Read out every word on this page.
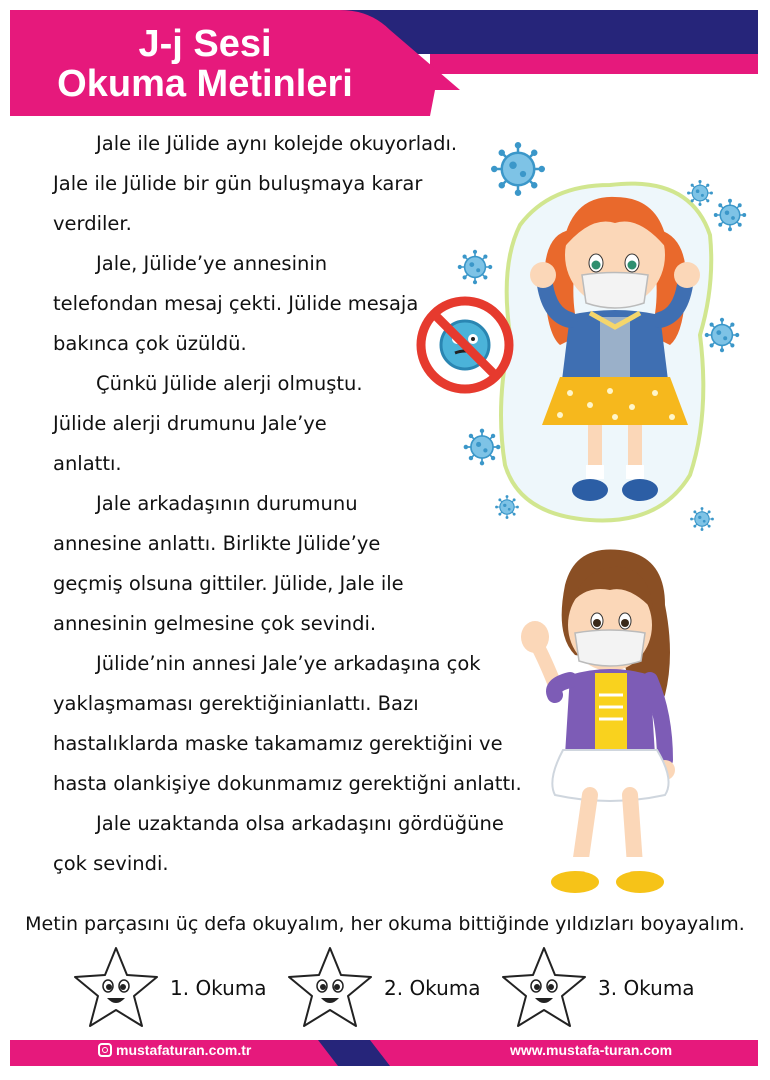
J-j Sesi
Okuma Metinleri
Jale ile Jülide aynı kolejde okuyorladı.
Jale ile Jülide bir gün buluşmaya karar
verdiler.
Jale, Jülide’ye annesinin
telefondan mesaj çekti. Jülide mesaja
bakınca çok üzüldü.
Çünkü Jülide alerji olmuştu.
Jülide alerji drumunu Jale’ye
anlattı.
Jale arkadaşının durumunu
annesine anlattı. Birlikte Jülide’ye
geçmiş olsuna gittiler. Jülide, Jale ile
annesinin gelmesine çok sevindi.
Jülide’nin annesi Jale’ye arkadaşına çok
yaklaşmaması gerektiğinianlattı. Bazı
hastalıklarda maske takamamız gerektiğini ve
hasta olankişiye dokunmamız gerektiğni anlattı.
Jale uzaktanda olsa arkadaşını gördüğüne
çok sevindi.
Metin parçasını üç defa okuyalım, her okuma bittiğinde yıldızları boyayalım.
1. Okuma	2. Okuma	3. Okuma
mustafaturan.com.tr	www.mustafa-turan.com
